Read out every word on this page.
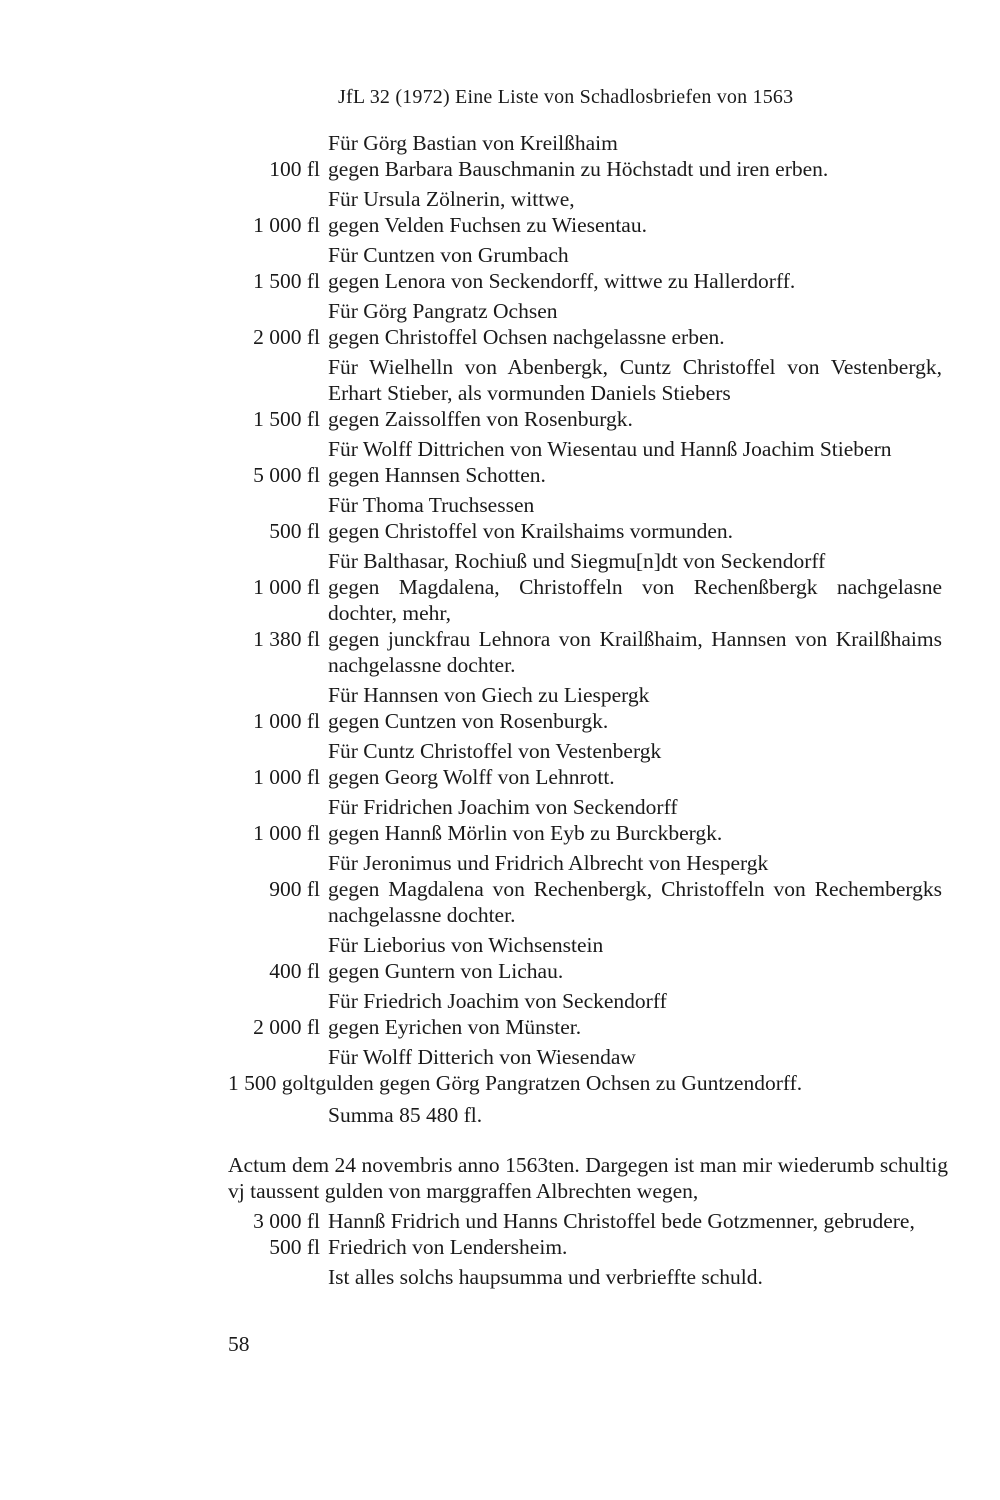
JfL 32 (1972) Eine Liste von Schadlosbriefen von 1563
Für Görg Bastian von Kreilßhaim
100 fl gegen Barbara Bauschmanin zu Höchstadt und iren erben.
Für Ursula Zölnerin, wittwe,
1 000 fl gegen Velden Fuchsen zu Wiesentau.
Für Cuntzen von Grumbach
1 500 fl gegen Lenora von Seckendorff, wittwe zu Hallerdorff.
Für Görg Pangratz Ochsen
2 000 fl gegen Christoffel Ochsen nachgelassne erben.
Für Wielhelln von Abenbergk, Cuntz Christoffel von Vestenbergk, Erhart Stieber, als vormunden Daniels Stiebers
1 500 fl gegen Zaissolffen von Rosenburgk.
Für Wolff Dittrichen von Wiesentau und Hannß Joachim Stiebern
5 000 fl gegen Hannsen Schotten.
Für Thoma Truchsessen
500 fl gegen Christoffel von Krailshaims vormunden.
Für Balthasar, Rochiuß und Siegmu[n]dt von Seckendorff
1 000 fl gegen Magdalena, Christoffeln von Rechenßbergk nachgelasne dochter, mehr,
1 380 fl gegen junckfrau Lehnora von Krailßhaim, Hannsen von Krailßhaims nachgelassne dochter.
Für Hannsen von Giech zu Liespergk
1 000 fl gegen Cuntzen von Rosenburgk.
Für Cuntz Christoffel von Vestenbergk
1 000 fl gegen Georg Wolff von Lehnrott.
Für Fridrichen Joachim von Seckendorff
1 000 fl gegen Hannß Mörlin von Eyb zu Burckbergk.
Für Jeronimus und Fridrich Albrecht von Hespergk
900 fl gegen Magdalena von Rechenbergk, Christoffeln von Rechembergks nachgelassne dochter.
Für Lieborius von Wichsenstein
400 fl gegen Guntern von Lichau.
Für Friedrich Joachim von Seckendorff
2 000 fl gegen Eyrichen von Münster.
Für Wolff Ditterich von Wiesendaw
1 500 goltgulden gegen Görg Pangratzen Ochsen zu Guntzendorff.
Summa 85 480 fl.
Actum dem 24 novembris anno 1563ten. Dargegen ist man mir wiederumb schultig vj taussent gulden von marggraffen Albrechten wegen,
3 000 fl Hannß Fridrich und Hanns Christoffel bede Gotzmenner, gebrudere,
500 fl Friedrich von Lendersheim.
Ist alles solchs haupsumma und verbrieffte schuld.
58
